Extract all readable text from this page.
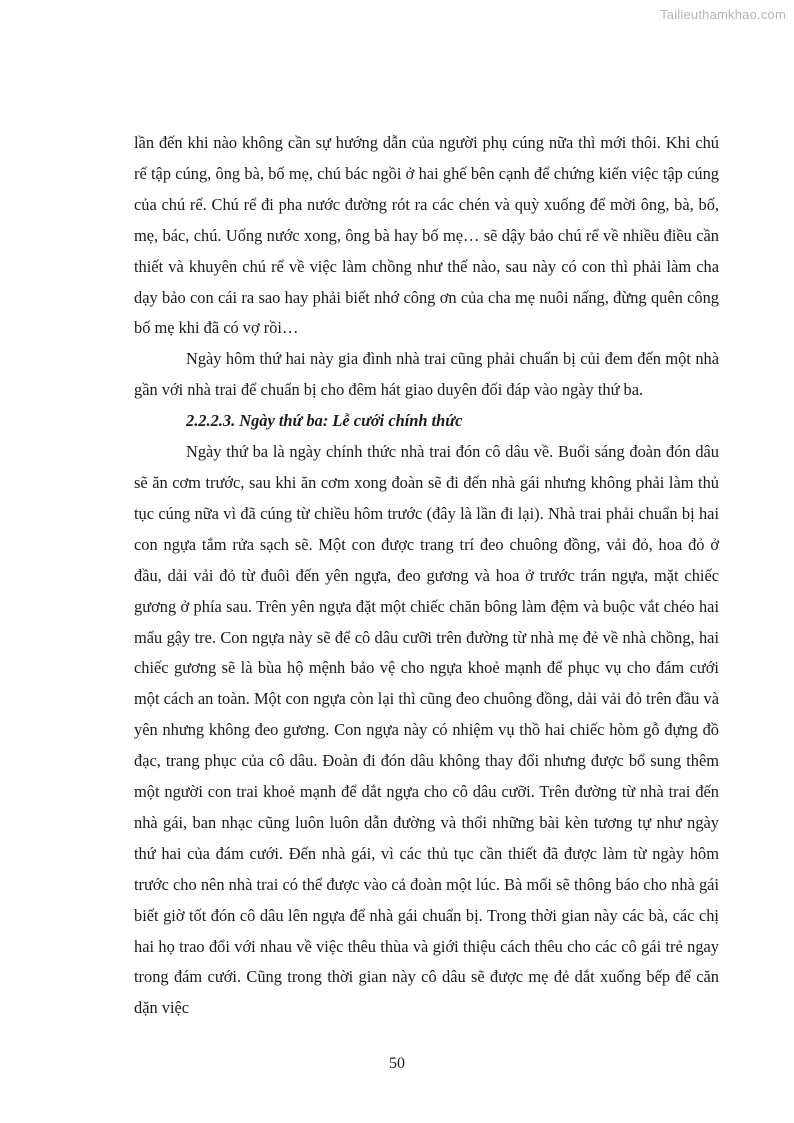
Tailieuthamkhao.com

lần đến khi nào không cần sự hướng dẫn của người phụ cúng nữa thì mới thôi. Khi chú rể tập cúng, ông bà, bố mẹ, chú bác ngồi ở hai ghế bên cạnh để chứng kiến việc tập cúng của chú rể. Chú rể đi pha nước đường rót ra các chén và quỳ xuống để mời ông, bà, bố, mẹ, bác, chú. Uống nước xong, ông bà hay bố mẹ… sẽ dậy bảo chú rể về nhiều điều cần thiết và khuyên chú rể về việc làm chồng như thế nào, sau này có con thì phải làm cha dạy bảo con cái ra sao hay phải biết nhớ công ơn của cha mẹ nuôi nấng, đừng quên công bố mẹ khi đã có vợ rồi…

Ngày hôm thứ hai này gia đình nhà trai cũng phải chuẩn bị củi đem đến một nhà gần với nhà trai để chuẩn bị cho đêm hát giao duyên đối đáp vào ngày thứ ba.

2.2.2.3. Ngày thứ ba: Lễ cưới chính thức

Ngày thứ ba là ngày chính thức nhà trai đón cô dâu về. Buổi sáng đoàn đón dâu sẽ ăn cơm trước, sau khi ăn cơm xong đoàn sẽ đi đến nhà gái nhưng không phải làm thủ tục cúng nữa vì đã cúng từ chiều hôm trước (đây là lần đi lại). Nhà trai phải chuẩn bị hai con ngựa tắm rửa sạch sẽ. Một con được trang trí đeo chuông đồng, vải đỏ, hoa đỏ ở đầu, dải vải đỏ từ đuôi đến yên ngựa, đeo gương và hoa ở trước trán ngựa, mặt chiếc gương ở phía sau. Trên yên ngựa đặt một chiếc chăn bông làm đệm và buộc vắt chéo hai mẩu gậy tre. Con ngựa này sẽ để cô dâu cưỡi trên đường từ nhà mẹ đẻ về nhà chồng, hai chiếc gương sẽ là bùa hộ mệnh bảo vệ cho ngựa khoẻ mạnh để phục vụ cho đám cưới một cách an toàn. Một con ngựa còn lại thì cũng đeo chuông đồng, dải vải đỏ trên đầu và yên nhưng không đeo gương. Con ngựa này có nhiệm vụ thồ hai chiếc hòm gỗ đựng đồ đạc, trang phục của cô dâu. Đoàn đi đón dâu không thay đổi nhưng được bổ sung thêm một người con trai khoẻ mạnh để dắt ngựa cho cô dâu cưỡi. Trên đường từ nhà trai đến nhà gái, ban nhạc cũng luôn luôn dẫn đường và thổi những bài kèn tương tự như ngày thứ hai của đám cưới. Đến nhà gái, vì các thủ tục cần thiết đã được làm từ ngày hôm trước cho nên nhà trai có thể được vào cả đoàn một lúc. Bà mối sẽ thông báo cho nhà gái biết giờ tốt đón cô dâu lên ngựa để nhà gái chuẩn bị. Trong thời gian này các bà, các chị hai họ trao đổi với nhau về việc thêu thùa và giới thiệu cách thêu cho các cô gái trẻ ngay trong đám cưới. Cũng trong thời gian này cô dâu sẽ được mẹ đẻ dắt xuống bếp để căn dặn việc

50
